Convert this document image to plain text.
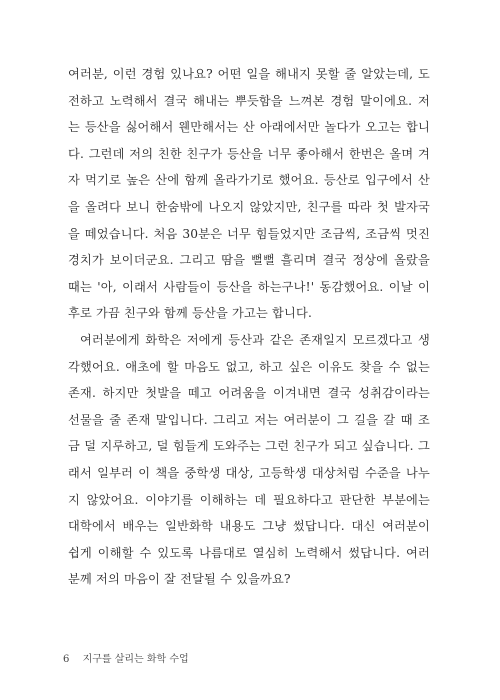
여러분, 이런 경험 있나요? 어떤 일을 해내지 못할 줄 알았는데, 도
전하고 노력해서 결국 해내는 뿌듯함을 느껴본 경험 말이에요. 저
는 등산을 싫어해서 웬만해서는 산 아래에서만 놀다가 오고는 합니
다. 그런데 저의 친한 친구가 등산을 너무 좋아해서 한번은 올며 겨
자 먹기로 높은 산에 함께 올라가기로 했어요. 등산로 입구에서 산
을 올려다 보니 한숨밖에 나오지 않았지만, 친구를 따라 첫 발자국
을 떼었습니다. 처음 30분은 너무 힘들었지만 조금씩, 조금씩 멋진
경치가 보이더군요. 그리고 땀을 뻘뻘 흘리며 결국 정상에 올랐을
때는 '아, 이래서 사람들이 등산을 하는구나!' 동감했어요. 이날 이
후로 가끔 친구와 함께 등산을 가고는 합니다.
여러분에게 화학은 저에게 등산과 같은 존재일지 모르겠다고 생
각했어요. 애초에 할 마음도 없고, 하고 싶은 이유도 찾을 수 없는
존재. 하지만 첫발을 떼고 어려움을 이겨내면 결국 성취감이라는
선물을 줄 존재 말입니다. 그리고 저는 여러분이 그 길을 갈 때 조
금 덜 지루하고, 덜 힘들게 도와주는 그런 친구가 되고 싶습니다. 그
래서 일부러 이 책을 중학생 대상, 고등학생 대상처럼 수준을 나누
지 않았어요. 이야기를 이해하는 데 필요하다고 판단한 부분에는
대학에서 배우는 일반화학 내용도 그냥 썼답니다. 대신 여러분이
쉽게 이해할 수 있도록 나름대로 열심히 노력해서 썼답니다. 여러
분께 저의 마음이 잘 전달될 수 있을까요?
6 지구를 살리는 화학 수업
